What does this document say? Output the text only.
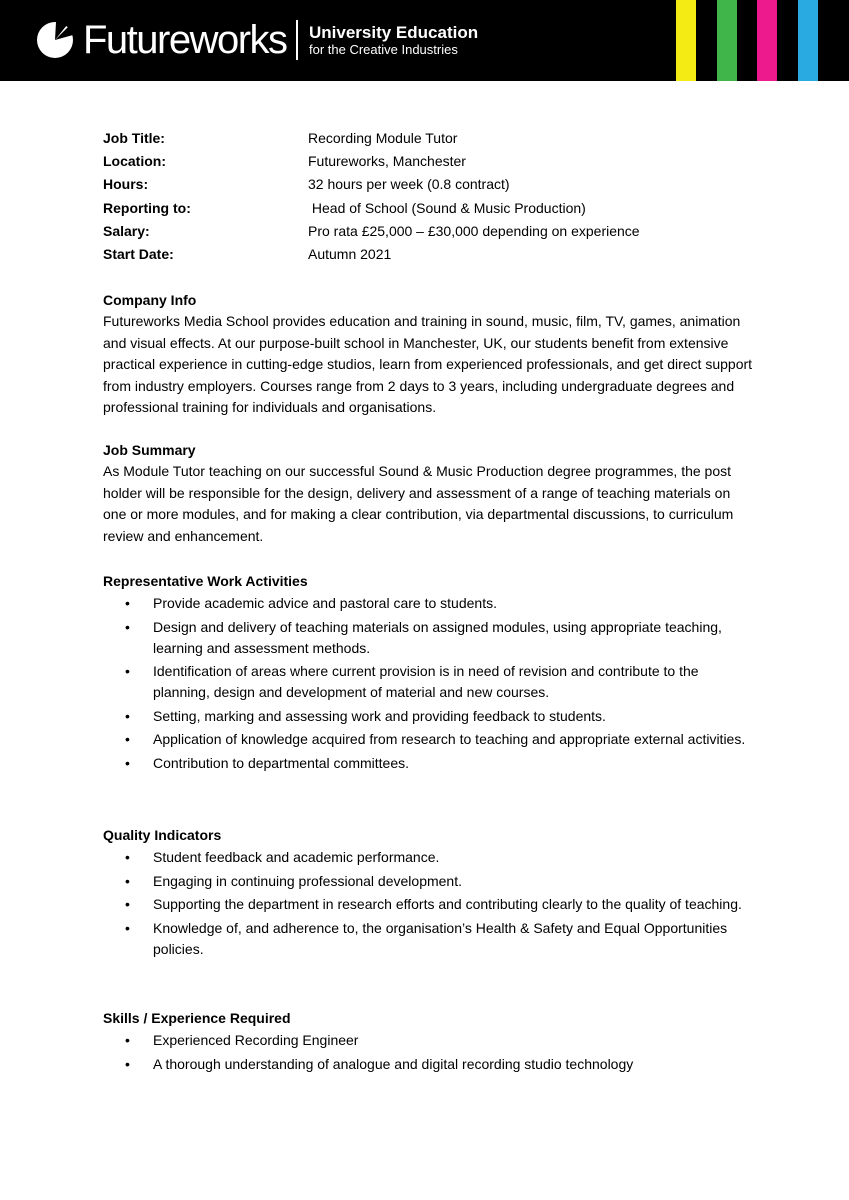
Futureworks University Education
for the Creative Industries
Job Title:	Recording Module Tutor
Location:	Futureworks, Manchester
Hours:	32 hours per week (0.8 contract)
Reporting to:	Head of School (Sound & Music Production)
Salary:	Pro rata £25,000 – £30,000 depending on experience
Start Date:	Autumn 2021
Company Info
Futureworks Media School provides education and training in sound, music, film, TV, games, animation and visual effects. At our purpose-built school in Manchester, UK, our students benefit from extensive practical experience in cutting-edge studios, learn from experienced professionals, and get direct support from industry employers. Courses range from 2 days to 3 years, including undergraduate degrees and professional training for individuals and organisations.
Job Summary
As Module Tutor teaching on our successful Sound & Music Production degree programmes, the post holder will be responsible for the design, delivery and assessment of a range of teaching materials on one or more modules, and for making a clear contribution, via departmental discussions, to curriculum review and enhancement.
Representative Work Activities
• Provide academic advice and pastoral care to students.
• Design and delivery of teaching materials on assigned modules, using appropriate teaching, learning and assessment methods.
• Identification of areas where current provision is in need of revision and contribute to the planning, design and development of material and new courses.
• Setting, marking and assessing work and providing feedback to students.
• Application of knowledge acquired from research to teaching and appropriate external activities.
• Contribution to departmental committees.
Quality Indicators
• Student feedback and academic performance.
• Engaging in continuing professional development.
• Supporting the department in research efforts and contributing clearly to the quality of teaching.
• Knowledge of, and adherence to, the organisation’s Health & Safety and Equal Opportunities policies.
Skills / Experience Required
• Experienced Recording Engineer
• A thorough understanding of analogue and digital recording studio technology
